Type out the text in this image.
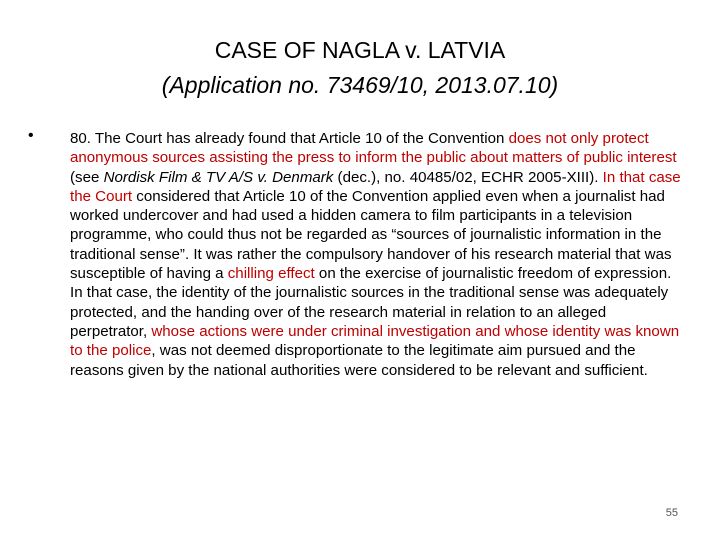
CASE OF NAGLA v. LATVIA
(Application no. 73469/10, 2013.07.10)
• 80. The Court has already found that Article 10 of the Convention does not only protect anonymous sources assisting the press to inform the public about matters of public interest (see Nordisk Film & TV A/S v. Denmark (dec.), no. 40485/02, ECHR 2005‑XIII). In that case the Court considered that Article 10 of the Convention applied even when a journalist had worked undercover and had used a hidden camera to film participants in a television programme, who could thus not be regarded as “sources of journalistic information in the traditional sense”. It was rather the compulsory handover of his research material that was susceptible of having a chilling effect on the exercise of journalistic freedom of expression. In that case, the identity of the journalistic sources in the traditional sense was adequately protected, and the handing over of the research material in relation to an alleged perpetrator, whose actions were under criminal investigation and whose identity was known to the police, was not deemed disproportionate to the legitimate aim pursued and the reasons given by the national authorities were considered to be relevant and sufficient.
55
